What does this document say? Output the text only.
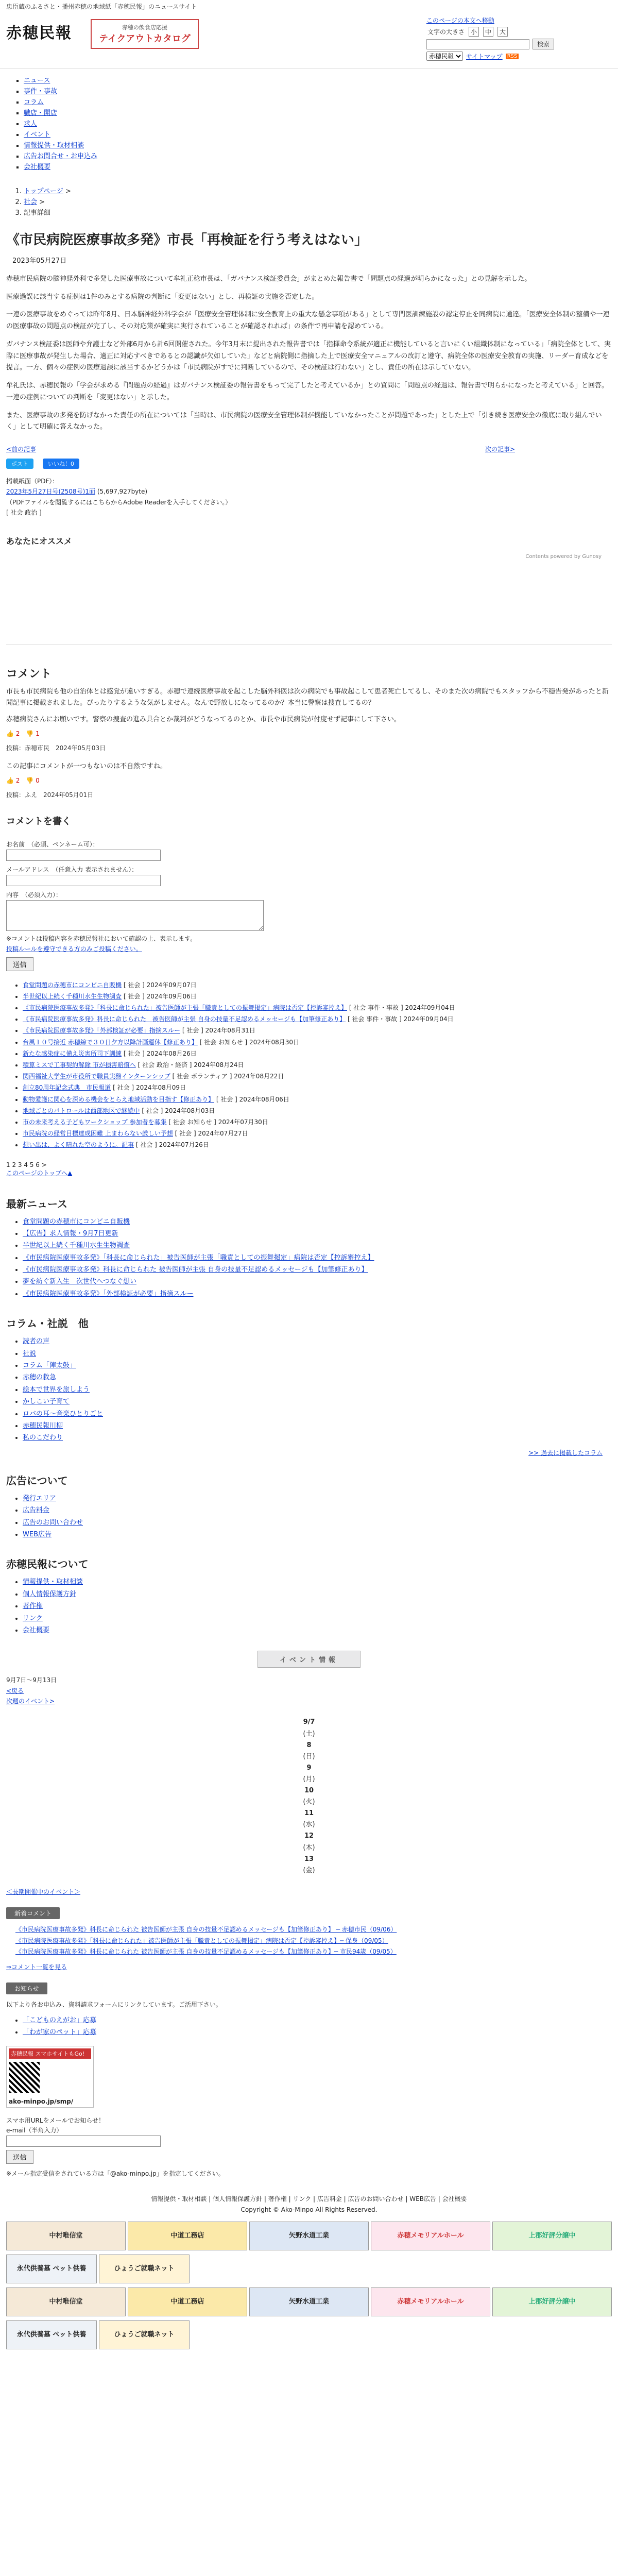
忠臣蔵のふるさと・播州赤穂の地域紙「赤穂民報」のニュースサイト
赤穂民報	赤穂の飲食店応援
テイクアウトカタログ
このページの本文へ移動
文字の大きさ 小	中	大
検索
赤穂民報
サイトマップ RSS
▪ ニュース
▪ 事件・事故
▪ コラム
▪ 職店・開店
▪ 求人
▪ イベント
▪ 情報提供・取材相談
▪ 広告お問合せ・お申込み
▪ 会社概要
1. トップページ >
2. 社会 >
3. 記事詳細
《市民病院医療事故多発》市長「再検証を行う考えはない」
2023年05月27日

赤穂市民病院の脳神経外科で多発した医療事故について牟礼正稔市長は、「ガバナンス検証委員会」がまとめた報告書で「問題点の経過が明らかになった」との見解を示した。

医療過誤に該当する症例は1件のみとする病院の判断に「変更はない」とし、再検証の実施を否定した。

一連の医療事故をめぐっては昨年8月、日本脳神経外科学会が「医療安全管理体制に安全教育上の重大な懸念事項がある」として専門医訓練施設の認定停止を同病院に通達。「医療安全体制の整備や一連の医療事故の問題点の検証が完了し、その対応策が確実に実行されていることが確認されれば」の条件で再申請を認めている。

ガバナンス検証委は医師や弁護士など外部6月から計6回開催された。今年3月末に提出された報告書では「指揮命令系統が適正に機能していると言いにくい組織体制になっている」「病院全体として、実際に医療事故が発生した場合、適正に対応すべきであるとの認識が欠如していた」などと病院側に指摘した上で医療安全マニュアルの改訂と遵守、病院全体の医療安全教育の実施、リーダー育成などを提言。一方、個々の症例の医療過誤に該当するかどうかは「市民病院がすでに判断しているので、その検証は行わない」とし、責任の所在は示していない。

牟礼氏は、赤穂民報の「学会が求める『問題点の経過』はガバナンス検証委の報告書をもって完了したと考えているか」との質問に「問題点の経過は、報告書で明らかになったと考えている」と回答。一連の症例についての判断を「変更はない」と示した。

また、医療事故の多発を防げなかった責任の所在については「当時は、市民病院の医療安全管理体制が機能していなかったことが問題であった」とした上で「引き続き医療安全の徹底に取り組んでいく」として明確に答えなかった。

<前の記事	次の記事>
ポスト	いいね！0
掲載紙面（PDF）：
2023年5月27日号(2508号)1面 (5,697,927byte)
（PDFファイルを閲覧するにはこちらからAdobe Readerを入手してください。）
[ 社会 政治 ]
あなたにオススメ
Contents powered by Gunosy
コメント
市長も市民病院も他の自治体とは感覚が違いすぎる。赤穂で連続医療事故を起こした脳外科医は次の病院でも事故起こして患者死亡してるし、そのまた次の病院でもスタッフから不穏告発があったと新聞記事に掲載されました。ぴったりするような気がしません。なんで野放しになってるのか？本当に警察は捜査してるの？
赤穂病院さんにお願いです。警察の捜査の進み具合とか裁判がどうなってるのとか、市長や市民病院が付度せず記事にして下さい。
👍 2　👎 1
投稿：赤穂市民　2024年05月03日
この記事にコメントが一つもないのは不自然ですね。
👍 2　👎 0
投稿：ふえ　2024年05月01日
コメントを書く
お名前　（必須、ペンネーム可）：
メールアドレス　（任意入力 表示されません）：
内容　（必須入力）：
※コメントは投稿内容を赤穂民報社において確認の上、表示します。
投稿ルールを遵守できる方のみご投稿ください。
送信
• 食堂問題の赤穂市にコンビニ自販機 [ 社会 ] 2024年09月07日
• 半世紀以上続く千種川水生生物調査 [ 社会 ] 2024年09月06日
• 《市民病院医療事故多発》「科長に命じられた」被告医師が主張「職責としての振舞掲定」病院は否定【控訴審控え】 [ 社会 事件・事故 ] 2024年09月04日
• 《市民病院医療事故多発》科長に命じられた　被告医師が主張 自身の技量不足認めるメッセージも【加筆修正あり】 [ 社会 事件・事故 ] 2024年09月04日
• 《市民病院医療事故多発》「外部検証が必要」指摘スルー [ 社会 ] 2024年08月31日
• 台風１０号接近 赤穂線で３０日夕方以降計画運休【修正あり】 [ 社会 お知らせ ] 2024年08月30日
• 新たな感染症に備え災害所司下訓練 [ 社会 ] 2024年08月26日
• 積算ミスで工事契約解除 市が損害賠償へ [ 社会 政治・経済 ] 2024年08月24日
• 関西福祉大学生が市役所で職員実務インターンシップ [ 社会 ボランティア ] 2024年08月22日
• 創立80周年記念式典　市民報道 [ 社会 ] 2024年08月09日
• 動物愛護に関心を深める機会をとらえ地域活動を目指す【修正あり】 [ 社会 ] 2024年08月06日
• 地域ごとのパトロールは西部地区で継続中 [ 社会 ] 2024年08月03日
• 市の未来考える子どもワークショップ 参加者を募集 [ 社会 お知らせ ] 2024年07月30日
• 市民病院の経営目標達成困難 上まわらない厳しい予想 [ 社会 ] 2024年07月27日
• 想い出は、よく晴れた空のように。記事 [ 社会 ] 2024年07月26日
1 2 3 4 5 6 >
このページのトップへ▲
最新ニュース
• 食堂問題の赤穂市にコンビニ自販機
• 【広告】求人情報・9月7日更新
• 半世紀以上続く千種川水生生物調査
• 《市民病院医療事故多発》「科長に命じられた」被告医師が主張「職責としての振舞掲定」病院は否定【控訴審控え】
• 《市民病院医療事故多発》科長に命じられた 被告医師が主張 自身の技量不足認めるメッセージも【加筆修正あり】
• 夢を紡ぐ新入生　次世代へつなぐ想い
• 《市民病院医療事故多発》「外部検証が必要」指摘スルー
コラム・社説　他
• 読者の声
• 社説
• コラム「陣太鼓」
• 赤穂の救急
• 絵本で世界を旅しよう
• かしこい子育て
• ロバの耳～音楽ひとりごと
• 赤穂民報川柳
• 私のこだわり
>> 過去に掲載したコラム
広告について
• 発行エリア
• 広告料金
• 広告のお問い合わせ
• WEB広告
赤穂民報について
• 情報提供・取材相談
• 個人情報保護方針
• 著作権
• リンク
• 会社概要
イベント情報
9月7日～9月13日
<戻る
次週のイベント>
9/7
(土)
8
(日)
9
(月)
10
(火)
11
(水)
12
(木)
13
(金)
＜長期開催中のイベント＞
新着コメント
《市民病院医療事故多発》科長に命じられた 被告医師が主張 自身の技量不足認めるメッセージも【加筆修正あり】 ─ 赤穂市民（09/06）
《市民病院医療事故多発》「科長に命じられた」被告医師が主張「職責としての振舞掲定」病院は否定【控訴審控え】─ 保身（09/05）
《市民病院医療事故多発》科長に命じられた 被告医師が主張 自身の技量不足認めるメッセージも【加筆修正あり】─ 市民94歳（09/05）
⇒コメント一覧を見る
お知らせ
以下より各お申込み、資料請求フォームにリンクしています。ご活用下さい。
• 「こどものえがお」応募
• 「わが家のペット」応募
赤穂民報 スマホサイトもGo!
ako-minpo.jp/smp/
スマホ用URLをメールでお知らせ！
e-mail（半角入力）
送信
※メール指定受信をされている方は「@ako-minpo.jp」を指定してください。
情報提供・取材相談 | 個人情報保護方針 | 著作権 | リンク | 広告料金 | 広告のお問い合わせ | WEB広告 | 会社概要
Copyright © Ako-Minpo All Rights Reserved.
中村唯信堂	中道工務店	矢野水道工業	赤穂メモリアルホール	上郡好評分譲中
永代供養墓 ペット供養	ひょうご就職ネット
中村唯信堂	中道工務店	矢野水道工業	赤穂メモリアルホール	上郡好評分譲中
永代供養墓 ペット供養	ひょうご就職ネット
